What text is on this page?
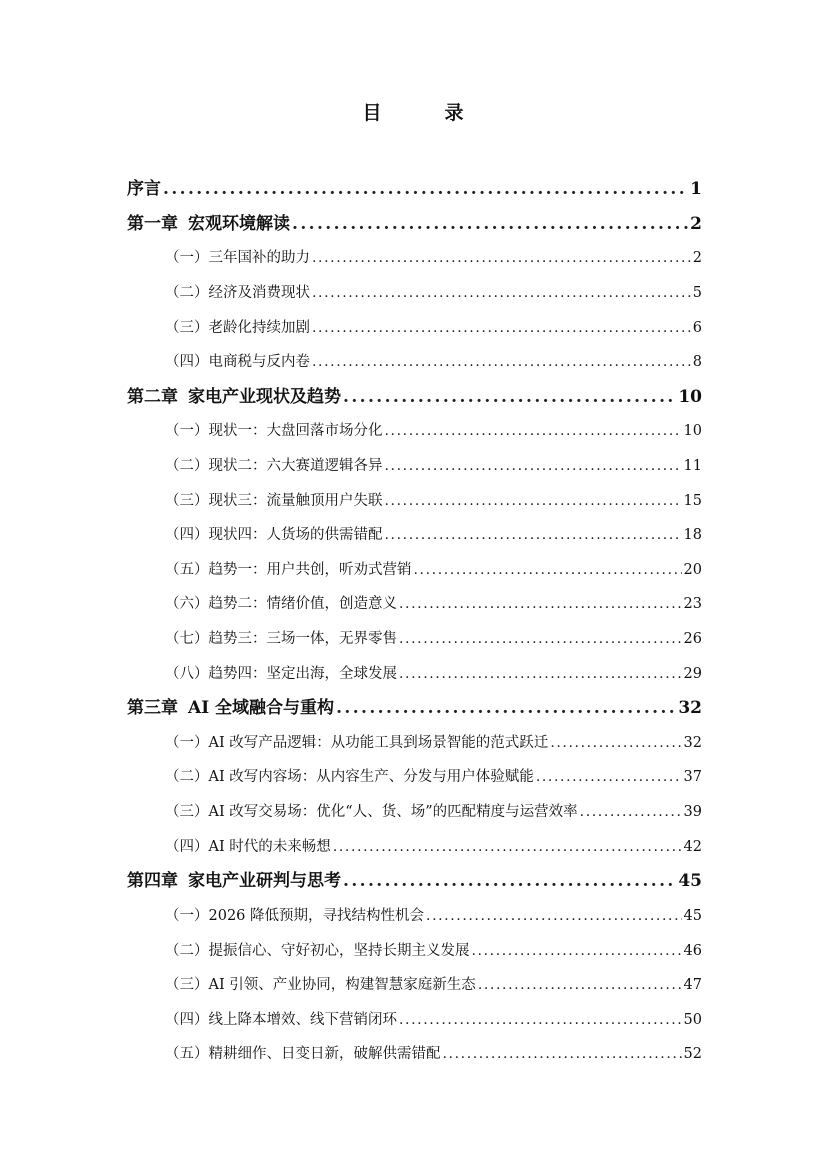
目　录
序言 .....	1
第一章 宏观环境解读 .....	2
（一）三年国补的助力 .....	2
（二）经济及消费现状 .....	5
（三）老龄化持续加剧 .....	6
（四）电商税与反内卷 .....	8
第二章 家电产业现状及趋势 .....	10
（一）现状一：大盘回落市场分化 .....	10
（二）现状二：六大赛道逻辑各异 .....	11
（三）现状三：流量触顶用户失联 .....	15
（四）现状四：人货场的供需错配 .....	18
（五）趋势一：用户共创，听劝式营销 .....	20
（六）趋势二：情绪价值，创造意义 .....	23
（七）趋势三：三场一体，无界零售 .....	26
（八）趋势四：坚定出海，全球发展 .....	29
第三章 AI 全域融合与重构 .....	32
（一）AI 改写产品逻辑：从功能工具到场景智能的范式跃迁 .....	32
（二）AI 改写内容场：从内容生产、分发与用户体验赋能 .....	37
（三）AI 改写交易场：优化“人、货、场”的匹配精度与运营效率 .....	39
（四）AI 时代的未来畅想 .....	42
第四章 家电产业研判与思考 .....	45
（一）2026 降低预期，寻找结构性机会 .....	45
（二）提振信心、守好初心，坚持长期主义发展 .....	46
（三）AI 引领、产业协同，构建智慧家庭新生态 .....	47
（四）线上降本增效、线下营销闭环 .....	50
（五）精耕细作、日变日新，破解供需错配 .....	52
